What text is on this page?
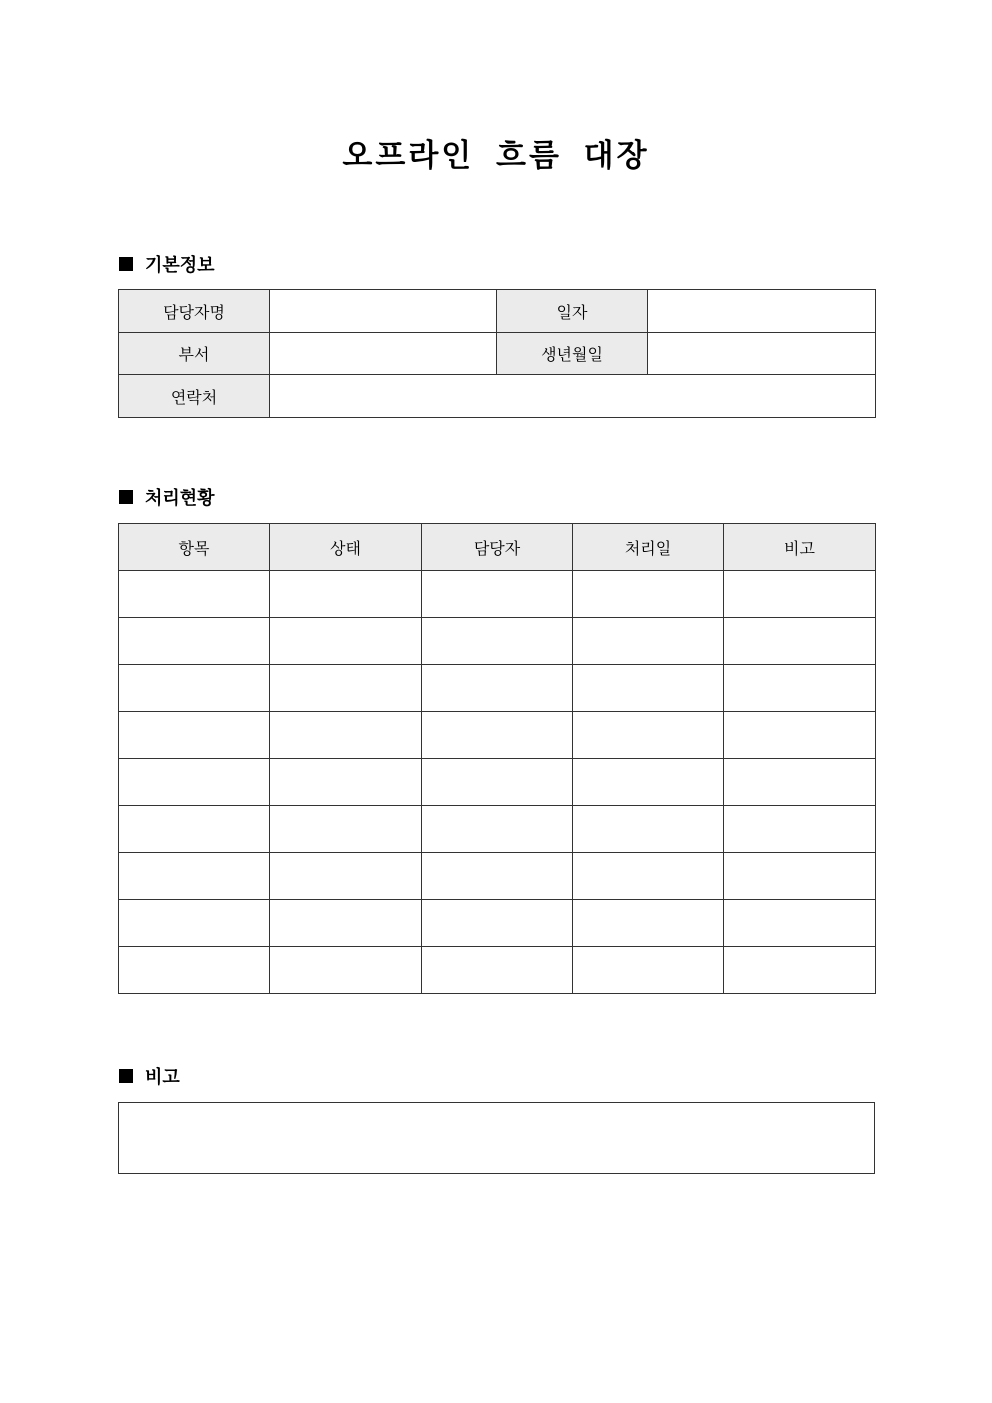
오프라인 흐름 대장
기본정보
담당자명		일자	
부서		생년월일	
연락처			
처리현황
항목	상태	담당자	처리일	비고

비고
